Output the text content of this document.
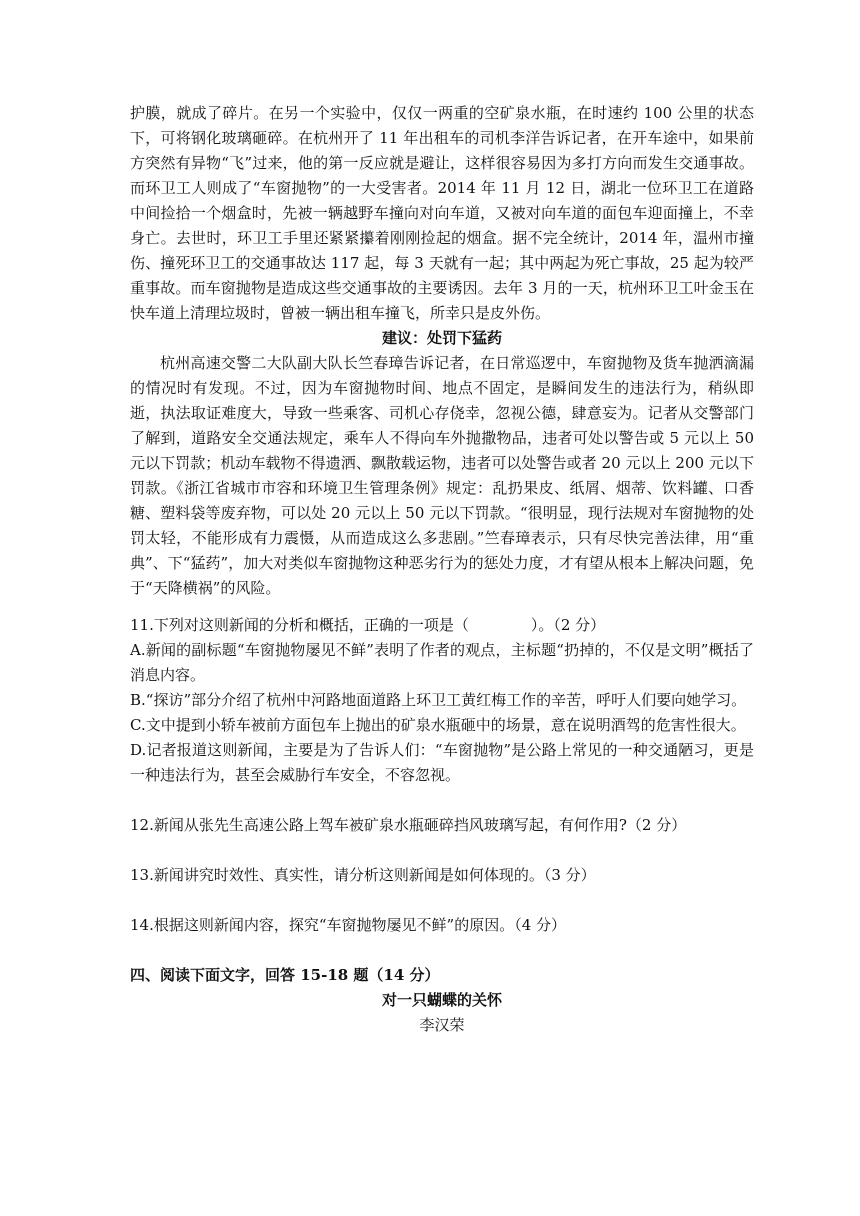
护膜，就成了碎片。在另一个实验中，仅仅一两重的空矿泉水瓶，在时速约 100 公里的状态下，可将钢化玻璃砸碎。在杭州开了 11 年出租车的司机李洋告诉记者，在开车途中，如果前方突然有异物“飞”过来，他的第一反应就是避让，这样很容易因为多打方向而发生交通事故。而环卫工人则成了“车窗抛物”的一大受害者。2014 年 11 月 12 日，湖北一位环卫工在道路中间捡拾一个烟盒时，先被一辆越野车撞向对向车道，又被对向车道的面包车迎面撞上，不幸身亡。去世时，环卫工手里还紧紧攥着刚刚捡起的烟盒。据不完全统计，2014 年，温州市撞伤、撞死环卫工的交通事故达 117 起，每 3 天就有一起；其中两起为死亡事故，25 起为较严重事故。而车窗抛物是造成这些交通事故的主要诱因。去年 3 月的一天，杭州环卫工叶金玉在快车道上清理垃圾时，曾被一辆出租车撞飞，所幸只是皮外伤。

建议：处罚下猛药

杭州高速交警二大队副大队长竺春璋告诉记者，在日常巡逻中，车窗抛物及货车抛洒滴漏的情况时有发现。不过，因为车窗抛物时间、地点不固定，是瞬间发生的违法行为，稍纵即逝，执法取证难度大，导致一些乘客、司机心存侥幸，忽视公德，肆意妄为。记者从交警部门了解到，道路安全交通法规定，乘车人不得向车外抛撒物品，违者可处以警告或 5 元以上 50 元以下罚款；机动车载物不得遗洒、飘散载运物，违者可以处警告或者 20 元以上 200 元以下罚款。《浙江省城市市容和环境卫生管理条例》规定：乱扔果皮、纸屑、烟蒂、饮料罐、口香糖、塑料袋等废弃物，可以处 20 元以上 50 元以下罚款。“很明显，现行法规对车窗抛物的处罚太轻，不能形成有力震慑，从而造成这么多悲剧。”竺春璋表示，只有尽快完善法律，用“重典”、下“猛药”，加大对类似车窗抛物这种恶劣行为的惩处力度，才有望从根本上解决问题，免于“天降横祸”的风险。

11.下列对这则新闻的分析和概括，正确的一项是（	）。（2 分）

A.新闻的副标题“车窗抛物屡见不鲜”表明了作者的观点，主标题“扔掉的，不仅是文明”概括了消息内容。

B.“探访”部分介绍了杭州中河路地面道路上环卫工黄红梅工作的辛苦，呼吁人们要向她学习。

C.文中提到小轿车被前方面包车上抛出的矿泉水瓶砸中的场景，意在说明酒驾的危害性很大。

D.记者报道这则新闻，主要是为了告诉人们：“车窗抛物”是公路上常见的一种交通陋习，更是一种违法行为，甚至会威胁行车安全，不容忽视。

12.新闻从张先生高速公路上驾车被矿泉水瓶砸碎挡风玻璃写起，有何作用?（2 分）

13.新闻讲究时效性、真实性，请分析这则新闻是如何体现的。（3 分）

14.根据这则新闻内容，探究“车窗抛物屡见不鲜”的原因。（4 分）

四、阅读下面文字，回答 15-18 题（14 分）

对一只蝴蝶的关怀

李汉荣
